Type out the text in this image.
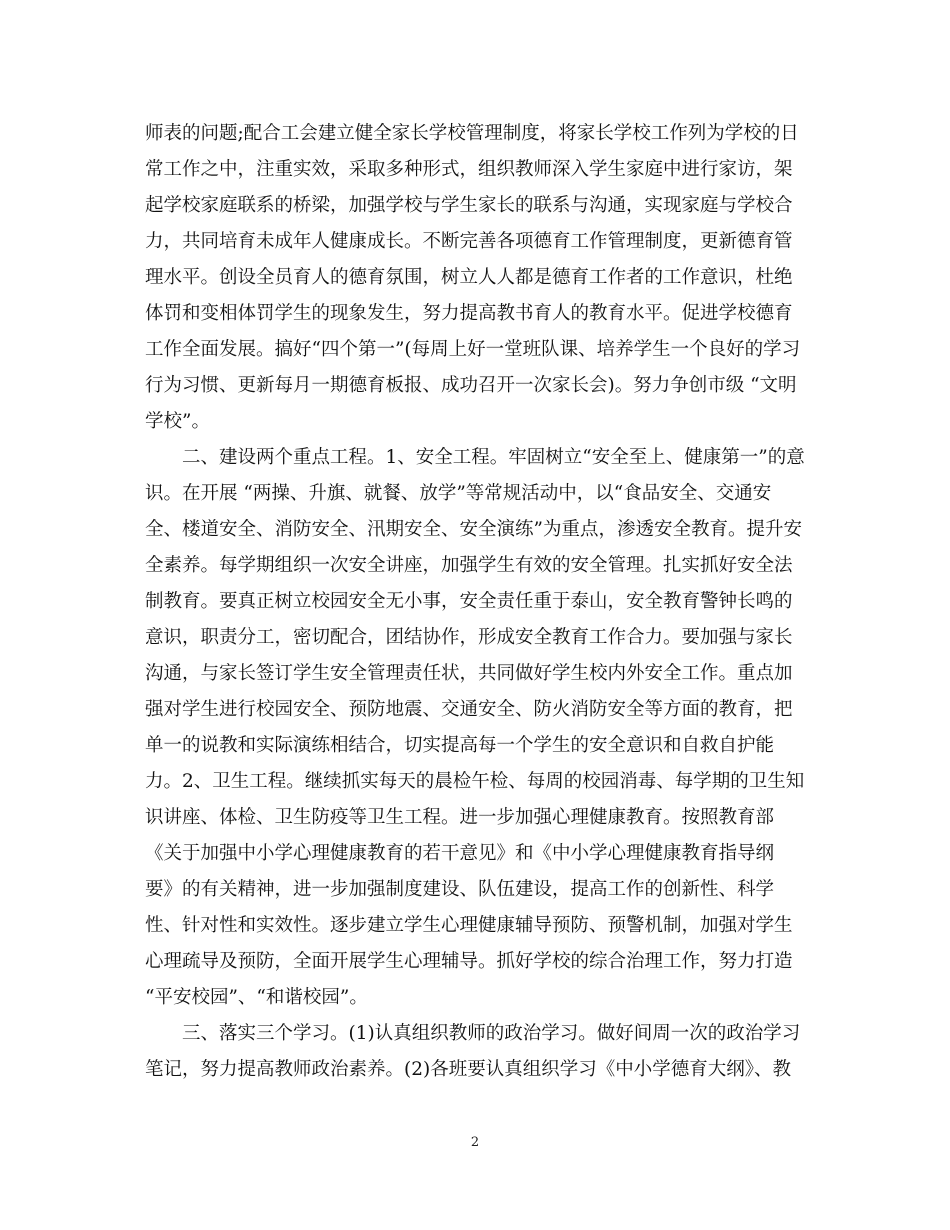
师表的问题;配合工会建立健全家长学校管理制度，将家长学校工作列为学校的日
常工作之中，注重实效，采取多种形式，组织教师深入学生家庭中进行家访，架
起学校家庭联系的桥梁，加强学校与学生家长的联系与沟通，实现家庭与学校合
力，共同培育未成年人健康成长。不断完善各项德育工作管理制度，更新德育管
理水平。创设全员育人的德育氛围，树立人人都是德育工作者的工作意识，杜绝
体罚和变相体罚学生的现象发生，努力提高教书育人的教育水平。促进学校德育
工作全面发展。搞好“四个第一”(每周上好一堂班队课、培养学生一个良好的学习
行为习惯、更新每月一期德育板报、成功召开一次家长会)。努力争创市级 “文明
学校”。
　　二、建设两个重点工程。1、安全工程。牢固树立“安全至上、健康第一”的意
识。在开展 “两操、升旗、就餐、放学”等常规活动中，以“食品安全、交通安
全、楼道安全、消防安全、汛期安全、安全演练”为重点，渗透安全教育。提升安
全素养。每学期组织一次安全讲座，加强学生有效的安全管理。扎实抓好安全法
制教育。要真正树立校园安全无小事，安全责任重于泰山，安全教育警钟长鸣的
意识，职责分工，密切配合，团结协作，形成安全教育工作合力。要加强与家长
沟通，与家长签订学生安全管理责任状，共同做好学生校内外安全工作。重点加
强对学生进行校园安全、预防地震、交通安全、防火消防安全等方面的教育，把
单一的说教和实际演练相结合，切实提高每一个学生的安全意识和自救自护能
力。2、卫生工程。继续抓实每天的晨检午检、每周的校园消毒、每学期的卫生知
识讲座、体检、卫生防疫等卫生工程。进一步加强心理健康教育。按照教育部
《关于加强中小学心理健康教育的若干意见》和《中小学心理健康教育指导纲
要》的有关精神，进一步加强制度建设、队伍建设，提高工作的创新性、科学
性、针对性和实效性。逐步建立学生心理健康辅导预防、预警机制，加强对学生
心理疏导及预防，全面开展学生心理辅导。抓好学校的综合治理工作，努力打造
“平安校园”、“和谐校园”。
　　三、落实三个学习。(1)认真组织教师的政治学习。做好间周一次的政治学习
笔记，努力提高教师政治素养。(2)各班要认真组织学习《中小学德育大纲》、教
2
